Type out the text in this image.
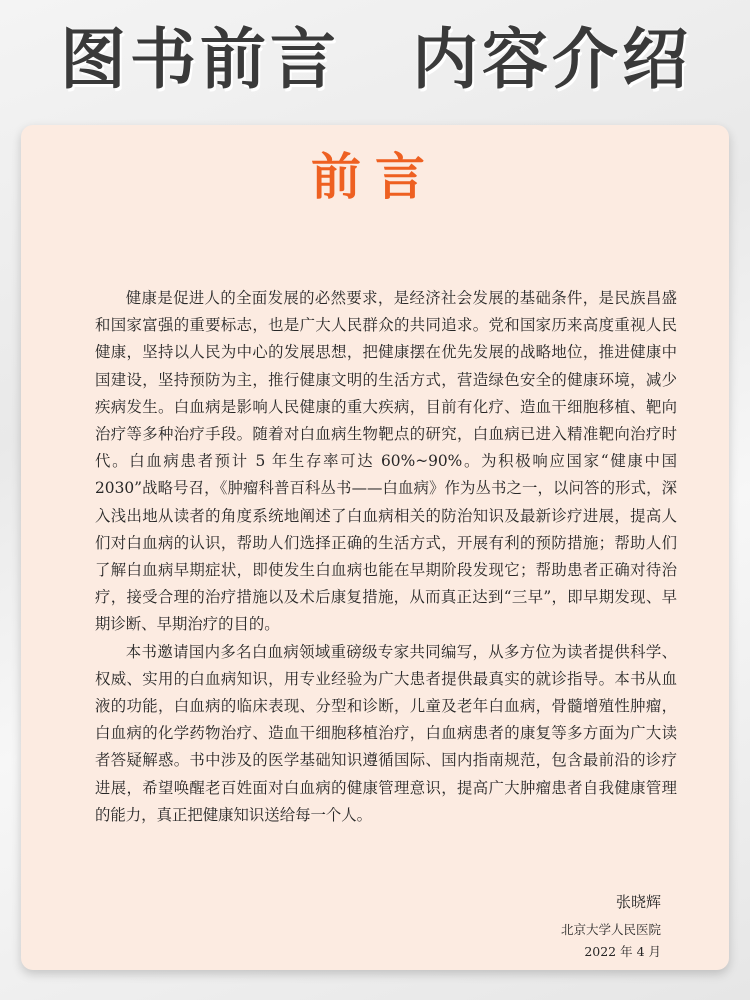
图书前言 内容介绍
前言

健康是促进人的全面发展的必然要求，是经济社会发展的基础条件，是民族昌盛和国家富强的重要标志，也是广大人民群众的共同追求。党和国家历来高度重视人民健康，坚持以人民为中心的发展思想，把健康摆在优先发展的战略地位，推进健康中国建设，坚持预防为主，推行健康文明的生活方式，营造绿色安全的健康环境，减少疾病发生。白血病是影响人民健康的重大疾病，目前有化疗、造血干细胞移植、靶向治疗等多种治疗手段。随着对白血病生物靶点的研究，白血病已进入精准靶向治疗时代。白血病患者预计 5 年生存率可达 60%~90%。为积极响应国家“健康中国 2030”战略号召，《肿瘤科普百科丛书——白血病》作为丛书之一，以问答的形式，深入浅出地从读者的角度系统地阐述了白血病相关的防治知识及最新诊疗进展，提高人们对白血病的认识，帮助人们选择正确的生活方式，开展有利的预防措施；帮助人们了解白血病早期症状，即使发生白血病也能在早期阶段发现它；帮助患者正确对待治疗，接受合理的治疗措施以及术后康复措施，从而真正达到“三早”，即早期发现、早期诊断、早期治疗的目的。

本书邀请国内多名白血病领域重磅级专家共同编写，从多方位为读者提供科学、权威、实用的白血病知识，用专业经验为广大患者提供最真实的就诊指导。本书从血液的功能，白血病的临床表现、分型和诊断，儿童及老年白血病，骨髓增殖性肿瘤，白血病的化学药物治疗、造血干细胞移植治疗，白血病患者的康复等多方面为广大读者答疑解惑。书中涉及的医学基础知识遵循国际、国内指南规范，包含最前沿的诊疗进展，希望唤醒老百姓面对白血病的健康管理意识，提高广大肿瘤患者自我健康管理的能力，真正把健康知识送给每一个人。

张晓辉
北京大学人民医院
2022 年 4 月
